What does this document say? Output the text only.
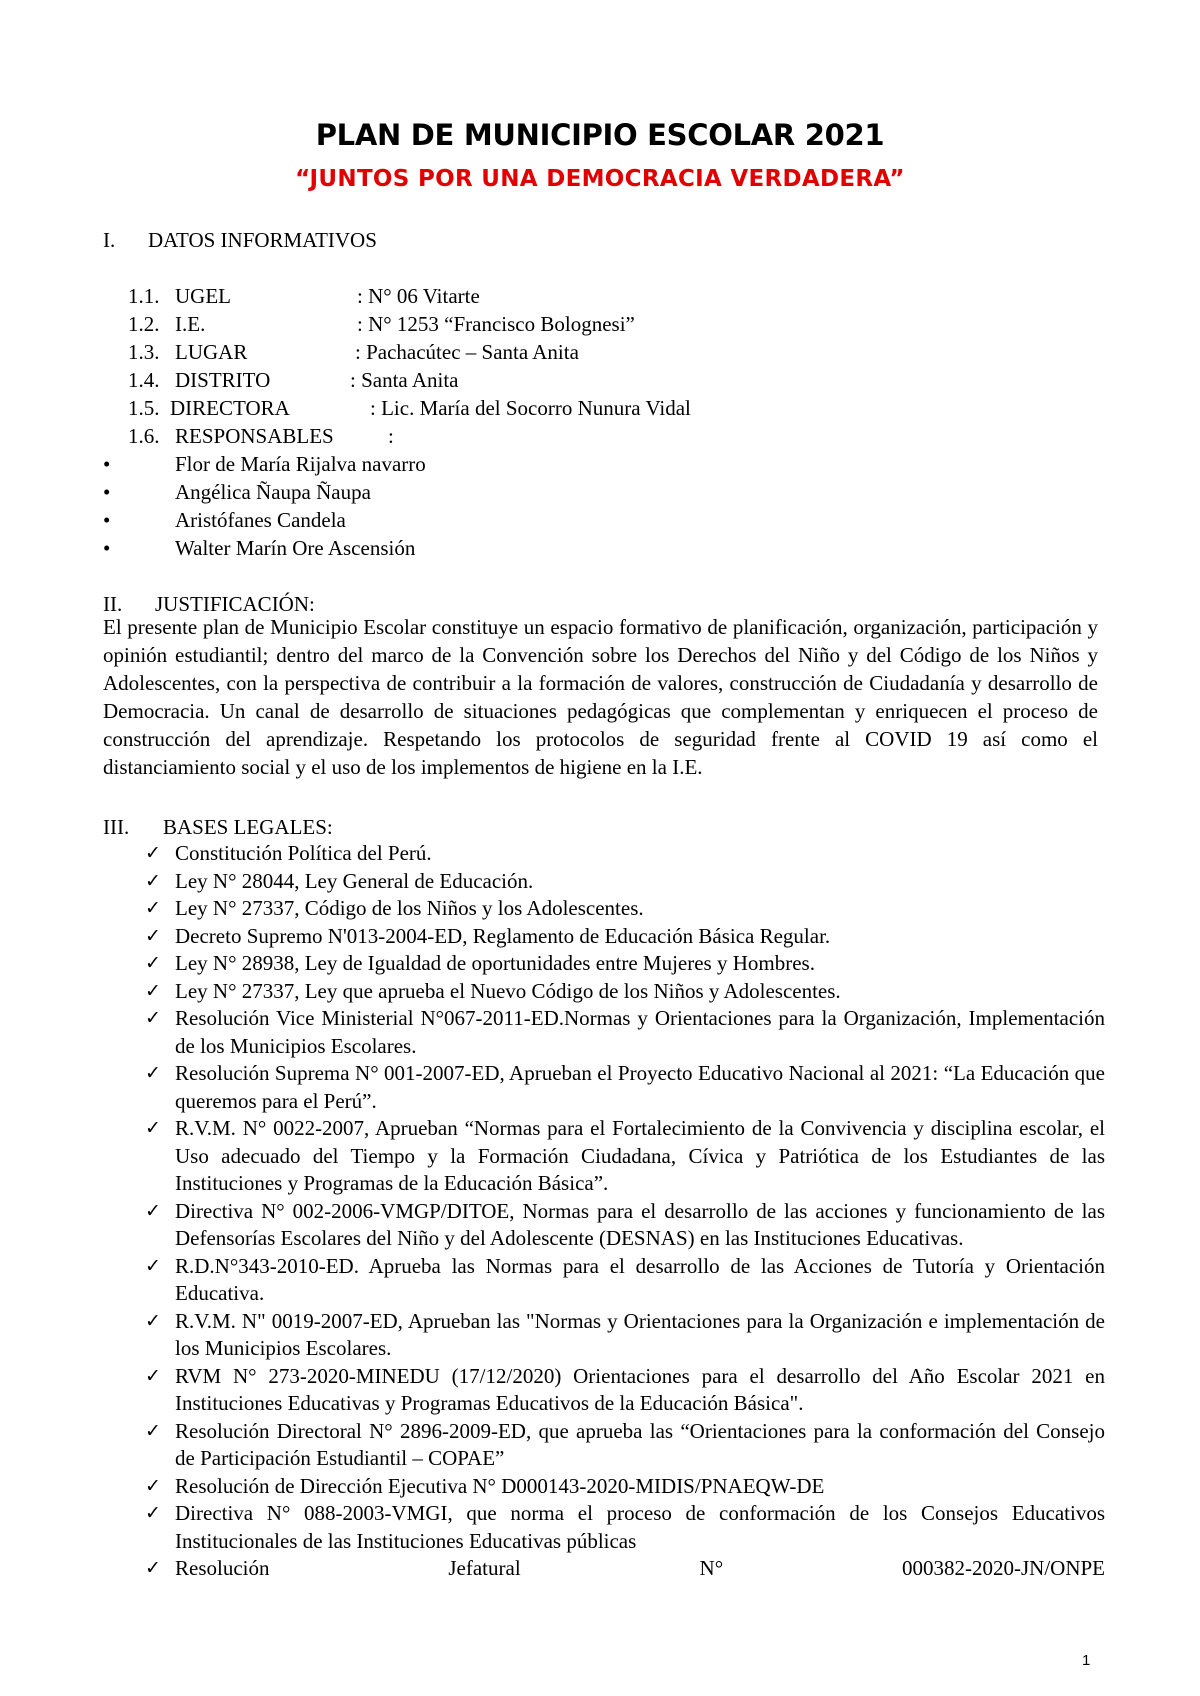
PLAN DE MUNICIPIO ESCOLAR 2021
“JUNTOS POR UNA DEMOCRACIA VERDADERA”
I. DATOS INFORMATIVOS
1.1. UGEL	: N° 06 Vitarte
1.2. I.E.	: N° 1253 “Francisco Bolognesi”
1.3. LUGAR	: Pachacútec – Santa Anita
1.4. DISTRITO	: Santa Anita
1.5. DIRECTORA	: Lic. María del Socorro Nunura Vidal
1.6. RESPONSABLES	:
•	Flor de María Rijalva navarro
•	Angélica Ñaupa Ñaupa
•	Aristófanes Candela
•	Walter Marín Ore Ascensión
II. JUSTIFICACIÓN:
El presente plan de Municipio Escolar constituye un espacio formativo de planificación, organización, participación y opinión estudiantil; dentro del marco de la Convención sobre los Derechos del Niño y del Código de los Niños y Adolescentes, con la perspectiva de contribuir a la formación de valores, construcción de Ciudadanía y desarrollo de Democracia. Un canal de desarrollo de situaciones pedagógicas que complementan y enriquecen el proceso de construcción del aprendizaje. Respetando los protocolos de seguridad frente al COVID 19 así como el distanciamiento social y el uso de los implementos de higiene en la I.E.
III. BASES LEGALES:
✓ Constitución Política del Perú.
✓ Ley N° 28044, Ley General de Educación.
✓ Ley N° 27337, Código de los Niños y los Adolescentes.
✓ Decreto Supremo N'013-2004-ED, Reglamento de Educación Básica Regular.
✓ Ley N° 28938, Ley de Igualdad de oportunidades entre Mujeres y Hombres.
✓ Ley N° 27337, Ley que aprueba el Nuevo Código de los Niños y Adolescentes.
✓ Resolución Vice Ministerial N°067-2011-ED.Normas y Orientaciones para la Organización, Implementación de los Municipios Escolares.
✓ Resolución Suprema N° 001-2007-ED, Aprueban el Proyecto Educativo Nacional al 2021: “La Educación que queremos para el Perú”.
✓ R.V.M. N° 0022-2007, Aprueban “Normas para el Fortalecimiento de la Convivencia y disciplina escolar, el Uso adecuado del Tiempo y la Formación Ciudadana, Cívica y Patriótica de los Estudiantes de las Instituciones y Programas de la Educación Básica”.
✓ Directiva N° 002-2006-VMGP/DITOE, Normas para el desarrollo de las acciones y funcionamiento de las Defensorías Escolares del Niño y del Adolescente (DESNAS) en las Instituciones Educativas.
✓ R.D.N°343-2010-ED. Aprueba las Normas para el desarrollo de las Acciones de Tutoría y Orientación Educativa.
✓ R.V.M. N" 0019-2007-ED, Aprueban las "Normas y Orientaciones para la Organización e implementación de los Municipios Escolares.
✓ RVM N° 273-2020-MINEDU (17/12/2020) Orientaciones para el desarrollo del Año Escolar 2021 en Instituciones Educativas y Programas Educativos de la Educación Básica".
✓ Resolución Directoral N° 2896-2009-ED, que aprueba las “Orientaciones para la conformación del Consejo de Participación Estudiantil – COPAE”
✓ Resolución de Dirección Ejecutiva N° D000143-2020-MIDIS/PNAEQW-DE
✓ Directiva N° 088-2003-VMGI, que norma el proceso de conformación de los Consejos Educativos Institucionales de las Instituciones Educativas públicas
✓ Resolución Jefatural N° 000382-2020-JN/ONPE
1
